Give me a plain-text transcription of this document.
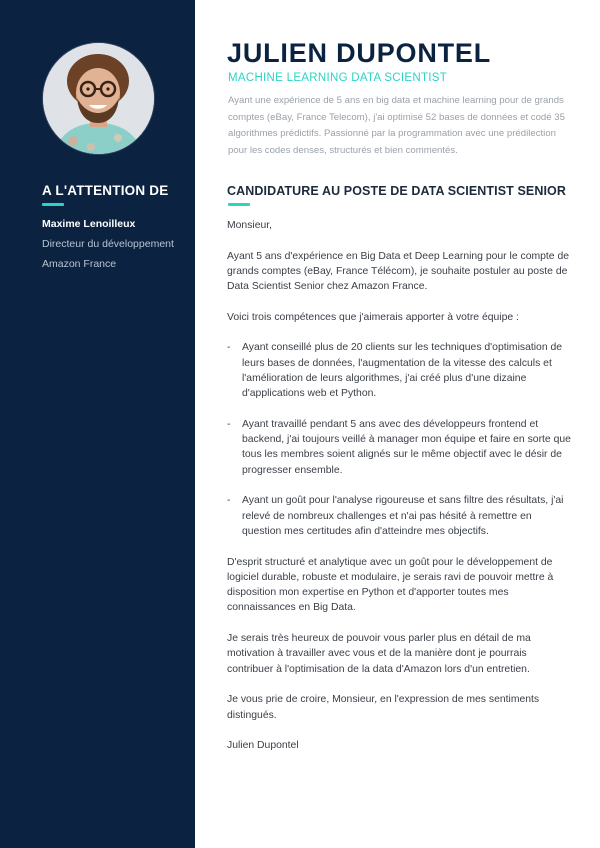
A L'ATTENTION DE
Maxime Lenoilleux
Directeur du développement
Amazon France
JULIEN DUPONTEL
MACHINE LEARNING DATA SCIENTIST

Ayant une expérience de 5 ans en big data et machine learning pour de grands comptes (eBay, France Telecom), j'ai optimisé 52 bases de données et codé 35 algorithmes prédictifs. Passionné par la programmation avec une prédilection pour les codes denses, structurés et bien commentés.

CANDIDATURE AU POSTE DE DATA SCIENTIST SENIOR

Monsieur,

Ayant 5 ans d'expérience en Big Data et Deep Learning pour le compte de grands comptes (eBay, France Télécom), je souhaite postuler au poste de Data Scientist Senior chez Amazon France.

Voici trois compétences que j'aimerais apporter à votre équipe :

- Ayant conseillé plus de 20 clients sur les techniques d'optimisation de leurs bases de données, l'augmentation de la vitesse des calculs et l'amélioration de leurs algorithmes, j'ai créé plus d'une dizaine d'applications web et Python.
- Ayant travaillé pendant 5 ans avec des développeurs frontend et backend, j'ai toujours veillé à manager mon équipe et faire en sorte que tous les membres soient alignés sur le même objectif avec le désir de progresser ensemble.
- Ayant un goût pour l'analyse rigoureuse et sans filtre des résultats, j'ai relevé de nombreux challenges et n'ai pas hésité à remettre en question mes certitudes afin d'atteindre mes objectifs.

D'esprit structuré et analytique avec un goût pour le développement de logiciel durable, robuste et modulaire, je serais ravi de pouvoir mettre à disposition mon expertise en Python et d'apporter toutes mes connaissances en Big Data.

Je serais très heureux de pouvoir vous parler plus en détail de ma motivation à travailler avec vous et de la manière dont je pourrais contribuer à l'optimisation de la data d'Amazon lors d'un entretien.

Je vous prie de croire, Monsieur, en l'expression de mes sentiments distingués.

Julien Dupontel
